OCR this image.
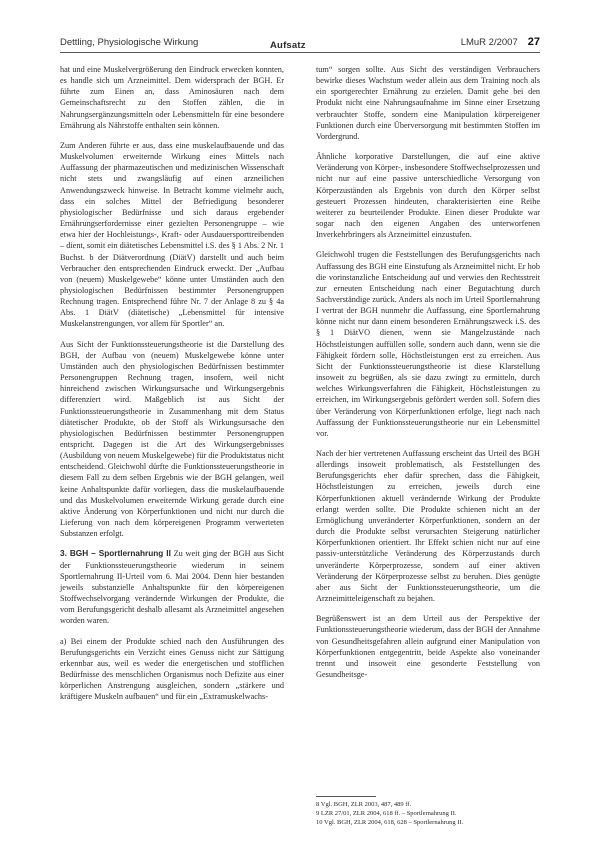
Dettling, Physiologische Wirkung	Aufsatz	LMuR 2/2007 27

hat und eine Muskelvergrößerung den Eindruck erwecken konnten, es handle sich um Arzneimittel. Dem widersprach der BGH. Er führte zum Einen an, dass Aminosäuren nach dem Gemeinschaftsrecht zu den Stoffen zählen, die in Nahrungsergänzungsmitteln oder Lebensmitteln für eine besondere Ernährung als Nährstoffe enthalten sein können.

Zum Anderen führte er aus, dass eine muskelaufbauende und das Muskelvolumen erweiternde Wirkung eines Mittels nach Auffassung der pharmazeutischen und medizinischen Wissenschaft nicht stets und zwangsläufig auf einen arzneilichen Anwendungszweck hinweise. In Betracht komme vielmehr auch, dass ein solches Mittel der Befriedigung besonderer physiologischer Bedürfnisse und sich daraus ergebender Ernährungserfordernisse einer gezielten Personengruppe – wie etwa hier der Hochleistungs-, Kraft- oder Ausdauersporttreibenden – dient, somit ein diätetisches Lebensmittel i.S. des § 1 Abs. 2 Nr. 1 Buchst. b der Diätverordnung (DiätV) darstellt und auch beim Verbraucher den entsprechenden Eindruck erweckt. Der „Aufbau von (neuem) Muskelgewebe“ könne unter Umständen auch den physiologischen Bedürfnissen bestimmter Personengruppen Rechnung tragen. Entsprechend führe Nr. 7 der Anlage 8 zu § 4a Abs. 1 DiätV (diätetische) „Lebensmittel für intensive Muskelanstrengungen, vor allem für Sportler“ an.

Aus Sicht der Funktionssteuerungstheorie ist die Darstellung des BGH, der Aufbau von (neuem) Muskelgewebe könne unter Umständen auch den physiologischen Bedürfnissen bestimmter Personengruppen Rechnung tragen, insofern, weil nicht hinreichend zwischen Wirkungsursache und Wirkungsergebnis differenziert wird. Maßgeblich ist aus Sicht der Funktionssteuerungstheorie in Zusammenhang mit dem Status diätetischer Produkte, ob der Stoff als Wirkungsursache den physiologischen Bedürfnissen bestimmter Personengruppen entspricht. Dagegen ist die Art des Wirkungsergebnisses (Ausbildung von neuem Muskelgewebe) für die Produktstatus nicht entscheidend. Gleichwohl dürfte die Funktionssteuerungstheorie in diesem Fall zu dem selben Ergebnis wie der BGH gelangen, weil keine Anhaltspunkte dafür vorliegen, dass die muskelaufbauende und das Muskelvolumen erweiternde Wirkung gerade durch eine aktive Änderung von Körperfunktionen und nicht nur durch die Lieferung von nach dem körpereigenen Programm verwerteten Substanzen erfolgt.

3. BGH – Sportlernahrung II Zu weit ging der BGH aus Sicht der Funktionssteuerungstheorie wiederum in seinem Sportlernahrung II-Urteil vom 6. Mai 2004. Denn hier bestanden jeweils substanzielle Anhaltspunkte für den körpereigenen Stoffwechselvorgang verändernde Wirkungen der Produkte, die vom Berufungsgericht deshalb allesamt als Arzneimittel angesehen worden waren.

a) Bei einem der Produkte schied nach den Ausführungen des Berufungsgerichts ein Verzicht eines Genuss nicht zur Sättigung erkennbar aus, weil es weder die energetischen und stofflichen Bedürfnisse des menschlichen Organismus noch Defizite aus einer körperlichen Anstrengung ausgleichen, sondern „stärkere und kräftigere Muskeln aufbauen“ und für ein „Extramuskelwachs-

tum“ sorgen sollte. Aus Sicht des verständigen Verbrauchers bewirke dieses Wachstum weder allein aus dem Training noch als ein sportgerechter Ernährung zu erzielen. Damit gehe bei den Produkt nicht eine Nahrungsaufnahme im Sinne einer Ersetzung verbrauchter Stoffe, sondern eine Manipulation körpereigener Funktionen durch eine Überversorgung mit bestimmten Stoffen im Vordergrund.

Ähnliche korporative Darstellungen, die auf eine aktive Veränderung von Körper-, insbesondere Stoffwechselprozessen und nicht nur auf eine passive unterschiedliche Versorgung von Körperzuständen als Ergebnis von durch den Körper selbst gesteuert Prozessen hindeuten, charakterisierten eine Reihe weiterer zu beurteilender Produkte. Einen dieser Produkte war sogar nach den eigenen Angaben des unterworfenen Inverkehrbringers als Arzneimittel einzustufen.

Gleichwohl trugen die Feststellungen des Berufungsgerichts nach Auffassung des BGH eine Einstufung als Arzneimittel nicht. Er hob die vorinstanzliche Entscheidung auf und verwies den Rechtsstreit zur erneuten Entscheidung nach einer Begutachtung durch Sachverständige zurück. Anders als noch im Urteil Sportlernahrung I vertrat der BGH nunmehr die Auffassung, eine Sportlernahrung könne nicht nur dann einem besonderen Ernährungszweck i.S. des § 1 DiätVO dienen, wenn sie Mangelzustände nach Höchstleistungen auffüllen solle, sondern auch dann, wenn sie die Fähigkeit fördern solle, Höchstleistungen erst zu erreichen. Aus Sicht der Funktionssteuerungstheorie ist diese Klarstellung insoweit zu begrüßen, als sie dazu zwingt zu ermitteln, durch welches Wirkungsverfahren die Fähigkeit, Höchstleistungen zu erreichen, im Wirkungsergebnis gefördert werden soll. Sofern dies über Veränderung von Körperfunktionen erfolge, liegt nach nach Auffassung der Funktionssteuerungstheorie nur ein Lebensmittel vor.

Nach der hier vertretenen Auffassung erscheint das Urteil des BGH allerdings insoweit problematisch, als Feststellungen des Berufungsgerichts eher dafür sprechen, dass die Fähigkeit, Höchstleistungen zu erreichen, jeweils durch eine Körperfunktionen aktuell verändernde Wirkung der Produkte erlangt werden sollte. Die Produkte schienen nicht an der Ermöglichung unveränderter Körperfunktionen, sondern an der durch die Produkte selbst verursachten Steigerung natürlicher Körperfunktionen orientiert. Ihr Effekt schien nicht nur auf eine passiv-unterstützliche Veränderung des Körperzustands durch unveränderte Körperprozesse, sondern auf einer aktiven Veränderung der Körperprozesse selbst zu beruhen. Dies genügte aber aus Sicht der Funktionssteuerungstheorie, um die Arzneimitteleigenschaft zu bejahen.

Begrüßenswert ist an dem Urteil aus der Perspektive der Funktionssteuerungstheorie wiederum, dass der BGH der Annahme von Gesundheitsgefahren allein aufgrund einer Manipulation von Körperfunktionen entgegentritt, beide Aspekte also voneinander trennt und insoweit eine gesonderte Feststellung von Gesundheitsge-

8 Vgl. BGH, ZLR 2003, 487, 489 ff.
9 LZR 27/01, ZLR 2004, 618 ff. – Sportlernahrung II.
10 Vgl. BGH, ZLR 2004, 618, 628 – Sportlernahrung II.
